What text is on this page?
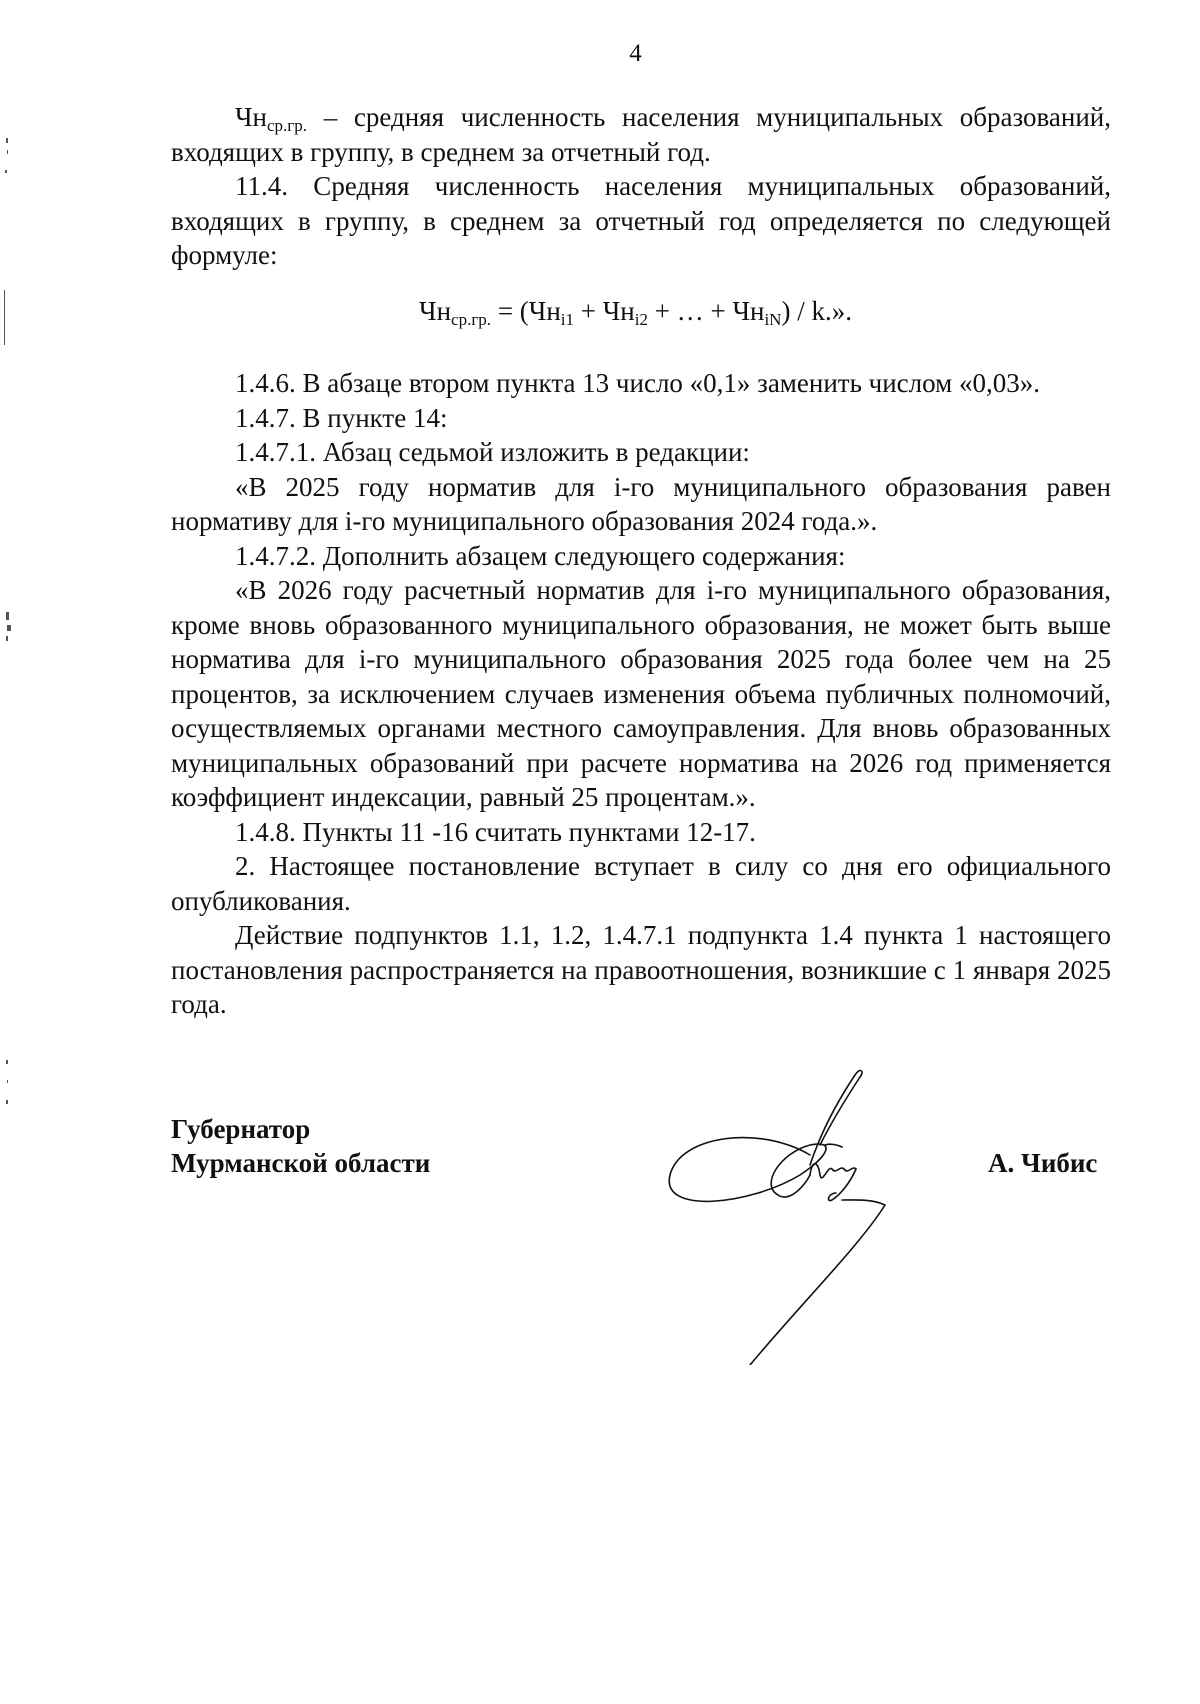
4

$Чн_{ср.гр.}$ – средняя численность населения муниципальных образований, входящих в группу, в среднем за отчетный год.

11.4. Средняя численность населения муниципальных образований, входящих в группу, в среднем за отчетный год определяется по следующей формуле:

$Чн_{ср.гр.} = (Чн_{i1} + Чн_{i2}$ + … + $Чн_{iN}$) / k.».

1.4.6. В абзаце втором пункта 13 число «0,1» заменить числом «0,03».

1.4.7. В пункте 14:

1.4.7.1. Абзац седьмой изложить в редакции:

«В 2025 году норматив для i-го муниципального образования равен нормативу для i-го муниципального образования 2024 года.».

1.4.7.2. Дополнить абзацем следующего содержания:

«В 2026 году расчетный норматив для i-го муниципального образования, кроме вновь образованного муниципального образования, не может быть выше норматива для i-го муниципального образования 2025 года более чем на 25 процентов, за исключением случаев изменения объема публичных полномочий, осуществляемых органами местного самоуправления. Для вновь образованных муниципальных образований при расчете норматива на 2026 год применяется коэффициент индексации, равный 25 процентам.».

1.4.8. Пункты 11 -16 считать пунктами 12-17.

2. Настоящее постановление вступает в силу со дня его официального опубликования.

Действие подпунктов 1.1, 1.2, 1.4.7.1 подпункта 1.4 пункта 1 настоящего постановления распространяется на правоотношения, возникшие с 1 января 2025 года.

Губернатор
Мурманской области	А. Чибис
